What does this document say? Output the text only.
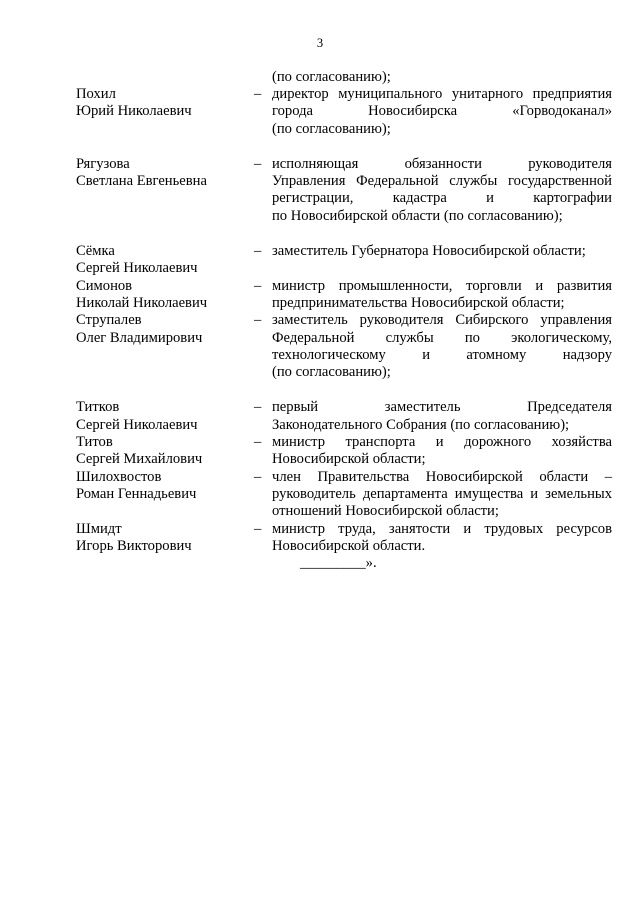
3
(по согласованию);
Похил
Юрий Николаевич
– директор муниципального унитарного предприятия
города Новосибирска «Горводоканал»
(по согласованию);
Рягузова
Светлана Евгеньевна
– исполняющая обязанности руководителя
Управления Федеральной службы государственной
регистрации, кадастра и картографии
по Новосибирской области (по согласованию);
Сёмка
Сергей Николаевич
– заместитель Губернатора Новосибирской области;
Симонов
Николай Николаевич
– министр промышленности, торговли и развития
предпринимательства Новосибирской области;
Струпалев
Олег Владимирович
– заместитель руководителя Сибирского управления
Федеральной службы по экологическому,
технологическому и атомному надзору
(по согласованию);
Титков
Сергей Николаевич
– первый заместитель Председателя
Законодательного Собрания (по согласованию);
Титов
Сергей Михайлович
– министр транспорта и дорожного хозяйства
Новосибирской области;
Шилохвостов
Роман Геннадьевич
– член Правительства Новосибирской области –
руководитель департамента имущества и земельных
отношений Новосибирской области;
Шмидт
Игорь Викторович
– министр труда, занятости и трудовых ресурсов
Новосибирской области.
_________».
